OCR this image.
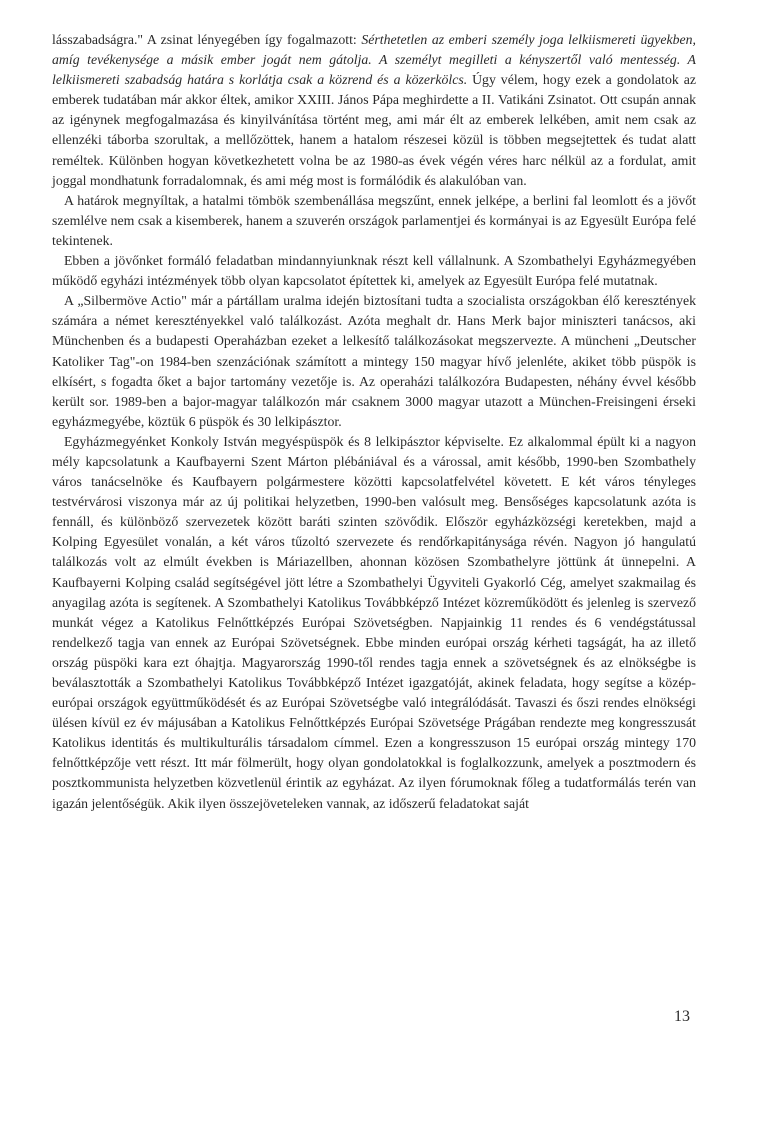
lásszabadságra." A zsinat lényegében így fogalmazott: Sérthetetlen az emberi személy joga lelkiismereti ügyekben, amíg tevékenysége a másik ember jogát nem gátolja. A személyt megilleti a kényszertől való mentesség. A lelkiismereti szabadság határa s korlátja csak a közrend és a közerkölcs. Úgy vélem, hogy ezek a gondolatok az emberek tudatában már akkor éltek, amikor XXIII. János Pápa meghirdette a II. Vatikáni Zsinatot. Ott csupán annak az igénynek megfogalmazása és kinyilvánítása történt meg, ami már élt az emberek lelkében, amit nem csak az ellenzéki táborba szorultak, a mellőzöttek, hanem a hatalom részesei közül is többen megsejtettek és tudat alatt reméltek. Különben hogyan következhetett volna be az 1980-as évek végén véres harc nélkül az a fordulat, amit joggal mondhatunk forradalomnak, és ami még most is formálódik és alakulóban van.

A határok megnyíltak, a hatalmi tömbök szembenállása megszűnt, ennek jelképe, a berlini fal leomlott és a jövőt szemlélve nem csak a kisemberek, hanem a szuverén országok parlamentjei és kormányai is az Egyesült Európa felé tekintenek.

Ebben a jövőnket formáló feladatban mindannyiunknak részt kell vállalnunk. A Szombathelyi Egyházmegyében működő egyházi intézmények több olyan kapcsolatot építettek ki, amelyek az Egyesült Európa felé mutatnak.

A „Silbermöve Actio" már a pártállam uralma idején biztosítani tudta a szocialista országokban élő keresztények számára a német keresztényekkel való találkozást. Azóta meghalt dr. Hans Merk bajor miniszteri tanácsos, aki Münchenben és a budapesti Operaházban ezeket a lelkesítő találkozásokat megszervezte. A müncheni „Deutscher Katoliker Tag"-on 1984-ben szenzációnak számított a mintegy 150 magyar hívő jelenléte, akiket több püspök is elkísért, s fogadta őket a bajor tartomány vezetője is. Az operaházi találkozóra Budapesten, néhány évvel később került sor. 1989-ben a bajor-magyar találkozón már csaknem 3000 magyar utazott a München-Freisingeni érseki egyházmegyébe, köztük 6 püspök és 30 lelkipásztor.

Egyházmegyénket Konkoly István megyéspüspök és 8 lelkipásztor képviselte. Ez alkalommal épült ki a nagyon mély kapcsolatunk a Kaufbayerni Szent Márton plébániával és a várossal, amit később, 1990-ben Szombathely város tanácselnöke és Kaufbayern polgármestere közötti kapcsolatfelvétel követett. E két város tényleges testvérvárosi viszonya már az új politikai helyzetben, 1990-ben valósult meg. Bensőséges kapcsolatunk azóta is fennáll, és különböző szervezetek között baráti szinten szövődik. Először egyházközségi keretekben, majd a Kolping Egyesület vonalán, a két város tűzoltó szervezete és rendőrkapitánysága révén. Nagyon jó hangulatú találkozás volt az elmúlt években is Máriazellben, ahonnan közösen Szombathelyre jöttünk át ünnepelni. A Kaufbayerni Kolping család segítségével jött létre a Szombathelyi Ügyviteli Gyakorló Cég, amelyet szakmailag és anyagilag azóta is segítenek. A Szombathelyi Katolikus Továbbképző Intézet közreműködött és jelenleg is szervező munkát végez a Katolikus Felnőttképzés Európai Szövetségben. Napjainkig 11 rendes és 6 vendégstátussal rendelkező tagja van ennek az Európai Szövetségnek. Ebbe minden európai ország kérheti tagságát, ha az illető ország püspöki kara ezt óhajtja. Magyarország 1990-től rendes tagja ennek a szövetségnek és az elnökségbe is beválasztották a Szombathelyi Katolikus Továbbképző Intézet igazgatóját, akinek feladata, hogy segítse a közép-európai országok együttműködését és az Európai Szövetségbe való integrálódását. Tavaszi és őszi rendes elnökségi ülésen kívül ez év májusában a Katolikus Felnőttképzés Európai Szövetsége Prágában rendezte meg kongresszusát Katolikus identitás és multikulturális társadalom címmel. Ezen a kongresszuson 15 európai ország mintegy 170 felnőttképzője vett részt. Itt már fölmerült, hogy olyan gondolatokkal is foglalkozzunk, amelyek a posztmodern és posztkommunista helyzetben közvetlenül érintik az egyházat. Az ilyen fórumoknak főleg a tudatformálás terén van igazán jelentőségük. Akik ilyen összejöveteleken vannak, az időszerű feladatokat saját

13
